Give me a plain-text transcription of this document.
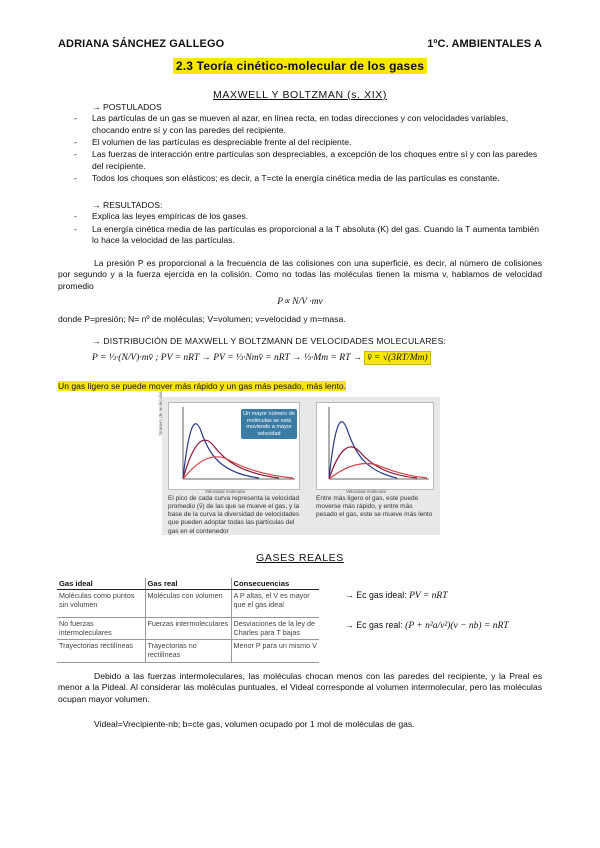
ADRIANA SÁNCHEZ GALLEGO	1ºC. AMBIENTALES A
2.3 Teoría cinético-molecular de los gases
MAXWELL Y BOLTZMAN (s. XIX)
→ POSTULADOS
- Las partículas de un gas se mueven al azar, en línea recta, en todas direcciones y con velocidades variables, chocando entre sí y con las paredes del recipiente.
- El volumen de las partículas es despreciable frente al del recipiente.
- Las fuerzas de interacción entre partículas son despreciables, a excepción de los choques entre sí y con las paredes del recipiente.
- Todos los choques son elásticos; es decir, a T=cte la energía cinética media de las partículas es constante.
→ RESULTADOS:
- Explica las leyes empíricas de los gases.
- La energía cinética media de las partículas es proporcional a la T absoluta (K) del gas. Cuando la T aumenta también lo hace la velocidad de las partículas.
La presión P es proporcional a la frecuencia de las colisiones con una superficie, es decir, al número de colisiones por segundo y a la fuerza ejercida en la colisión. Como no todas las moléculas tienen la misma v, hablamos de velocidad promedio
P∝ N/V ·mv
donde P=presión; N= nº de moléculas; V=volumen; v=velocidad y m=masa.
→ DISTRIBUCIÓN DE MAXWELL Y BOLTZMANN DE VELOCIDADES MOLECULARES:
P = ⅓·(N/V)·mv̄ ; PV = nRT → PV = ⅓·Nmv̄ = nRT → ⅓·Mm = RT → v̄ = √(3RT/Mm)
Un gas ligero se puede mover más rápido y un gas más pesado, más lento.
Un mayor número de moléculas se está moviendo a mayor velocidad
El pico de cada curva representa la velocidad promedio (v̄) de las que se mueve el gas, y la base de la curva la diversidad de velocidades que pueden adoptar todas las partículas del gas en el contenedor
Entre más ligero el gas, este puede moverse más rápido, y entre más pesado el gas, este se mueve más lento
GASES REALES
Gas ideal	Gas real	Consecuencias
Moléculas como puntos sin volumen	Moléculas con volumen	A P altas, el V es mayor que el gas ideal
No fuerzas intermoleculares	Fuerzas intermoleculares	Desviaciones de la ley de Charles para T bajas
Trayectorias rectilíneas	Trayectorias no rectilíneas	Menor P para un mismo V
→ Ec gas ideal: PV = nRT
→ Ec gas real: (P + n²a/v²)(v − nb) = nRT
Debido a las fuerzas intermoleculares, las moléculas chocan menos con las paredes del recipiente, y la Preal es menor a la Pideal. Al considerar las moléculas puntuales, el Videal corresponde al volumen intermolecular, pero las moléculas ocupan mayor volumen.
Videal=Vrecipiente-nb; b=cte gas, volumen ocupado por 1 mol de moléculas de gas.
Velocidad molecular	Velocidad molecular
Número de moléculas
